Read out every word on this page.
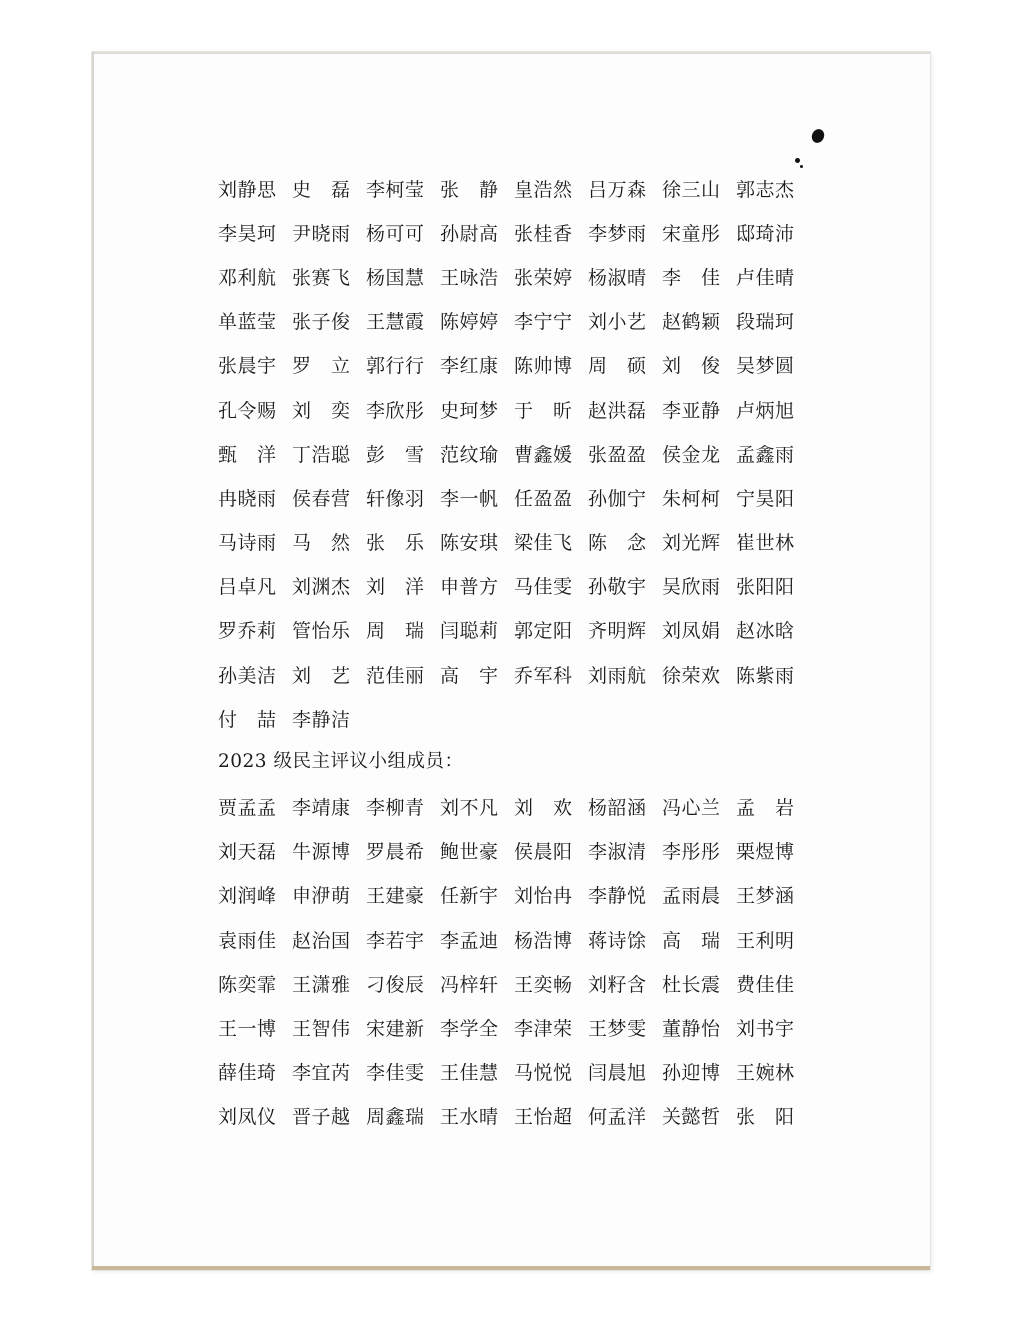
刘 静 思 史 磊 李 柯 莹 张 静 皇 浩 然 吕 万 森 徐 三 山 郭 志 杰
李 昊 珂 尹 晓 雨 杨 可 可 孙 尉 高 张 桂 香 李 梦 雨 宋 童 彤 邸 琦 沛
邓 利 航 张 赛 飞 杨 国 慧 王 咏 浩 张 荣 婷 杨 淑 晴 李 佳 卢 佳 晴
单 蓝 莹 张 子 俊 王 慧 霞 陈 婷 婷 李 宁 宁 刘 小 艺 赵 鹤 颖 段 瑞 珂
张 晨 宇 罗 立 郭 行 行 李 红 康 陈 帅 博 周 硕 刘 俊 吴 梦 圆
孔 令 赐 刘 奕 李 欣 彤 史 珂 梦 于 昕 赵 洪 磊 李 亚 静 卢 炳 旭
甄 洋 丁 浩 聪 彭 雪 范 纹 瑜 曹 鑫 媛 张 盈 盈 侯 金 龙 孟 鑫 雨
冉 晓 雨 侯 春 营 轩 像 羽 李 一 帆 任 盈 盈 孙 伽 宁 朱 柯 柯 宁 昊 阳
马 诗 雨 马 然 张 乐 陈 安 琪 梁 佳 飞 陈 念 刘 光 辉 崔 世 林
吕 卓 凡 刘 渊 杰 刘 洋 申 普 方 马 佳 雯 孙 敬 宇 吴 欣 雨 张 阳 阳
罗 乔 莉 管 怡 乐 周 瑞 闫 聪 莉 郭 定 阳 齐 明 辉 刘 凤 娟 赵 冰 晗
孙 美 洁 刘 艺 范 佳 丽 高 宇 乔 军 科 刘 雨 航 徐 荣 欢 陈 紫 雨
付 喆 李 静 洁
2023 级民主评议小组成员：
贾 孟 孟 李 靖 康 李 柳 青 刘 不 凡 刘 欢 杨 韶 涵 冯 心 兰 孟 岩
刘 天 磊 牛 源 博 罗 晨 希 鲍 世 豪 侯 晨 阳 李 淑 清 李 彤 彤 栗 煜 博
刘 润 峰 申 洢 萌 王 建 豪 任 新 宇 刘 怡 冉 李 静 悦 孟 雨 晨 王 梦 涵
袁 雨 佳 赵 治 国 李 若 宇 李 孟 迪 杨 浩 博 蒋 诗 馀 高 瑞 王 利 明
陈 奕 霏 王 潇 雅 刁 俊 辰 冯 梓 轩 王 奕 畅 刘 籽 含 杜 长 震 费 佳 佳
王 一 博 王 智 伟 宋 建 新 李 学 全 李 津 荣 王 梦 雯 董 静 怡 刘 书 宇
薛 佳 琦 李 宜 芮 李 佳 雯 王 佳 慧 马 悦 悦 闫 晨 旭 孙 迎 博 王 婉 林
刘 凤 仪 晋 子 越 周 鑫 瑞 王 水 晴 王 怡 超 何 孟 洋 关 懿 哲 张 阳
